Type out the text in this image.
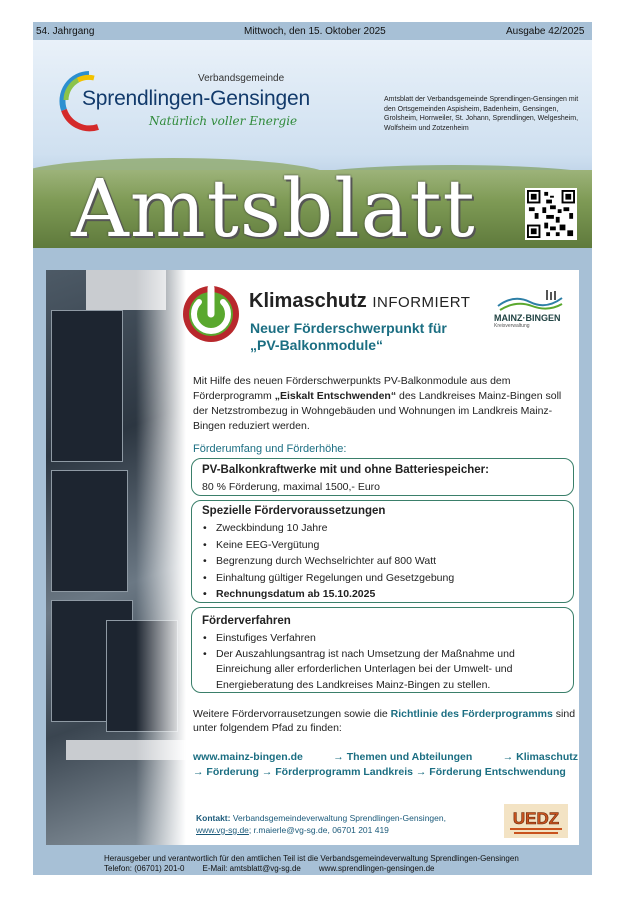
54. Jahrgang	Mittwoch, den 15. Oktober 2025	Ausgabe 42/2025
Verbandsgemeinde
Sprendlingen-Gensingen
Natürlich voller Energie
Amtsblatt der Verbandsgemeinde Sprendlingen-Gensingen mit den Ortsgemeinden Aspisheim, Badenheim, Gensingen, Grolsheim, Horrweiler, St. Johann, Sprendlingen, Welgesheim, Wolfsheim und Zotzenheim
Amtsblatt
Klimaschutz INFORMIERT
MAINZ·BINGEN
Kreisverwaltung
Neuer Förderschwerpunkt für
„PV-Balkonmodule“
Mit Hilfe des neuen Förderschwerpunkts PV-Balkonmodule aus dem Förderprogramm „Eiskalt Entschwenden“ des Landkreises Mainz-Bingen soll der Netzstrombezug in Wohngebäuden und Wohnungen im Landkreis Mainz-Bingen reduziert werden.
Förderumfang und Förderhöhe:
PV-Balkonkraftwerke mit und ohne Batteriespeicher:

80 % Förderung, maximal 1500,- Euro

Spezielle Fördervoraussetzungen
• Zweckbindung 10 Jahre
• Keine EEG-Vergütung
• Begrenzung durch Wechselrichter auf 800 Watt
• Einhaltung gültiger Regelungen und Gesetzgebung
• Rechnungsdatum ab 15.10.2025
Förderverfahren
• Einstufiges Verfahren
• Der Auszahlungsantrag ist nach Umsetzung der Maßnahme und Einreichung aller erforderlichen Unterlagen bei der Umwelt- und Energieberatung des Landkreises Mainz-Bingen zu stellen.
Weitere Fördervorrausetzungen sowie die Richtlinie des Förderprogramms sind unter folgendem Pfad zu finden:
www.mainz-bingen.de	→ Themen und Abteilungen	→ Klimaschutz
→ Förderung → Förderprogramm Landkreis → Förderung Entschwendung
Kontakt: Verbandsgemeindeverwaltung Sprendlingen-Gensingen,
www.vg-sg.de; r.maierle@vg-sg.de, 06701 201 419
UEDZ
Herausgeber und verantwortlich für den amtlichen Teil ist die Verbandsgemeindeverwaltung Sprendlingen-Gensingen
Telefon: (06701) 201-0 E-Mail: amtsblatt@vg-sg.de www.sprendlingen-gensingen.de
